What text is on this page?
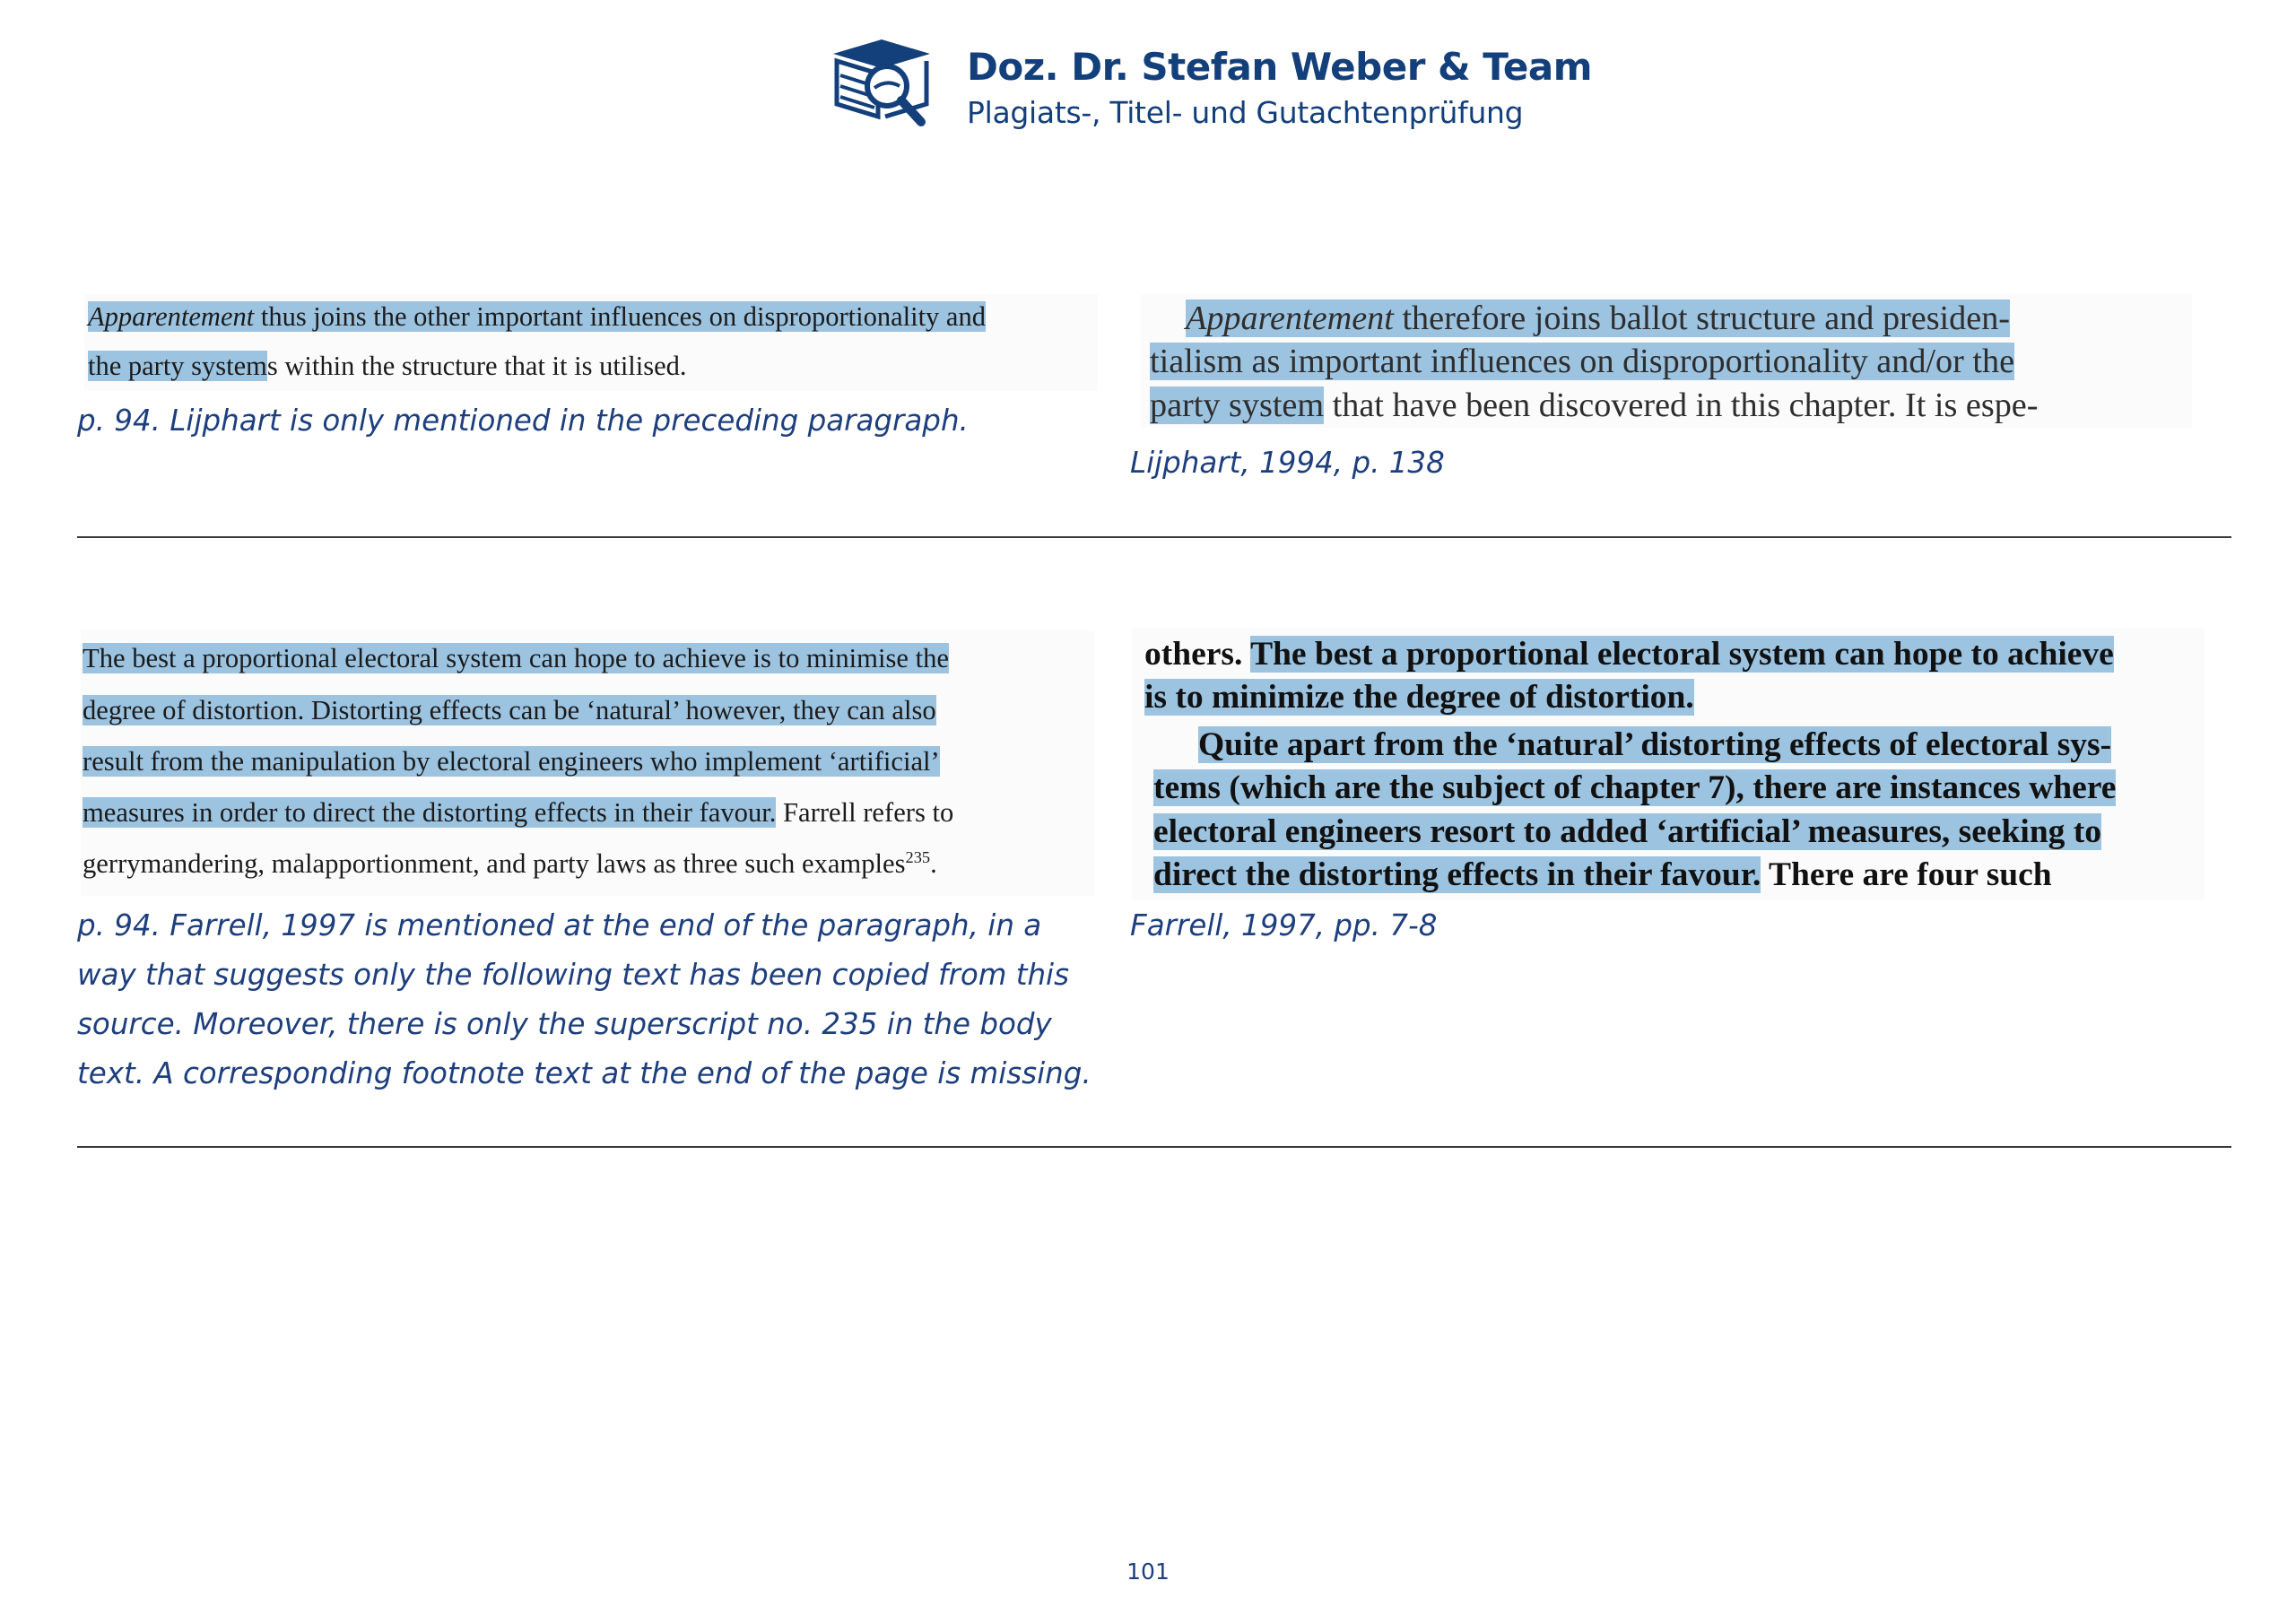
Doz. Dr. Stefan Weber & Team
Plagiats-, Titel- und Gutachtenprüfung
Apparentement thus joins the other important influences on disproportionality and
the party systems within the structure that it is utilised.
p. 94. Lijphart is only mentioned in the preceding paragraph.
Apparentement therefore joins ballot structure and presiden-
tialism as important influences on disproportionality and/or the
party system that have been discovered in this chapter. It is espe-
Lijphart, 1994, p. 138
The best a proportional electoral system can hope to achieve is to minimise the
degree of distortion. Distorting effects can be ‘natural’ however, they can also
result from the manipulation by electoral engineers who implement ‘artificial’
measures in order to direct the distorting effects in their favour. Farrell refers to
gerrymandering, malapportionment, and party laws as three such examples$^{235}$.
p. 94. Farrell, 1997 is mentioned at the end of the paragraph, in a way that suggests only the following text has been copied from this source. Moreover, there is only the superscript no. 235 in the body text. A corresponding footnote text at the end of the page is missing.
others. The best a proportional electoral system can hope to achieve
is to minimize the degree of distortion.
Quite apart from the ‘natural’ distorting effects of electoral sys-
tems (which are the subject of chapter 7), there are instances where
electoral engineers resort to added ‘artificial’ measures, seeking to
direct the distorting effects in their favour. There are four such
Farrell, 1997, pp. 7-8
101
